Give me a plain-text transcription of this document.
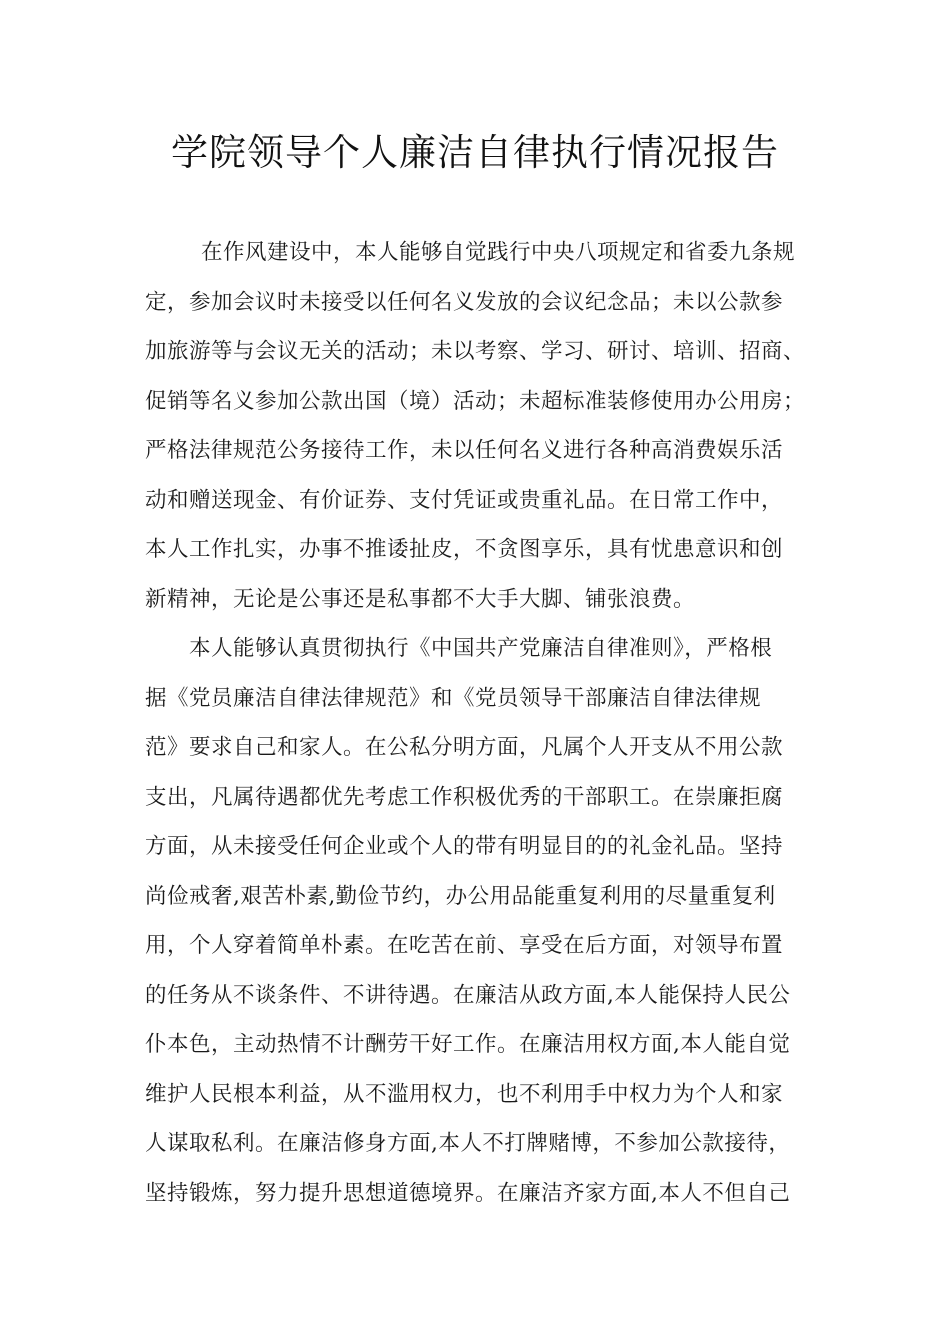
学院领导个人廉洁自律执行情况报告
在作风建设中，本人能够自觉践行中央八项规定和省委九条规
定，参加会议时未接受以任何名义发放的会议纪念品；未以公款参
加旅游等与会议无关的活动；未以考察、学习、研讨、培训、招商、
促销等名义参加公款出国（境）活动；未超标准装修使用办公用房；
严格法律规范公务接待工作，未以任何名义进行各种高消费娱乐活
动和赠送现金、有价证券、支付凭证或贵重礼品。在日常工作中，
本人工作扎实，办事不推诿扯皮，不贪图享乐，具有忧患意识和创
新精神，无论是公事还是私事都不大手大脚、铺张浪费。
本人能够认真贯彻执行《中国共产党廉洁自律准则》，严格根
据《党员廉洁自律法律规范》和《党员领导干部廉洁自律法律规
范》要求自己和家人。在公私分明方面，凡属个人开支从不用公款
支出，凡属待遇都优先考虑工作积极优秀的干部职工。在崇廉拒腐
方面，从未接受任何企业或个人的带有明显目的的礼金礼品。坚持
尚俭戒奢,艰苦朴素,勤俭节约，办公用品能重复利用的尽量重复利
用，个人穿着简单朴素。在吃苦在前、享受在后方面，对领导布置
的任务从不谈条件、不讲待遇。在廉洁从政方面,本人能保持人民公
仆本色，主动热情不计酬劳干好工作。在廉洁用权方面,本人能自觉
维护人民根本利益，从不滥用权力，也不利用手中权力为个人和家
人谋取私利。在廉洁修身方面,本人不打牌赌博，不参加公款接待，
坚持锻炼，努力提升思想道德境界。在廉洁齐家方面,本人不但自己
